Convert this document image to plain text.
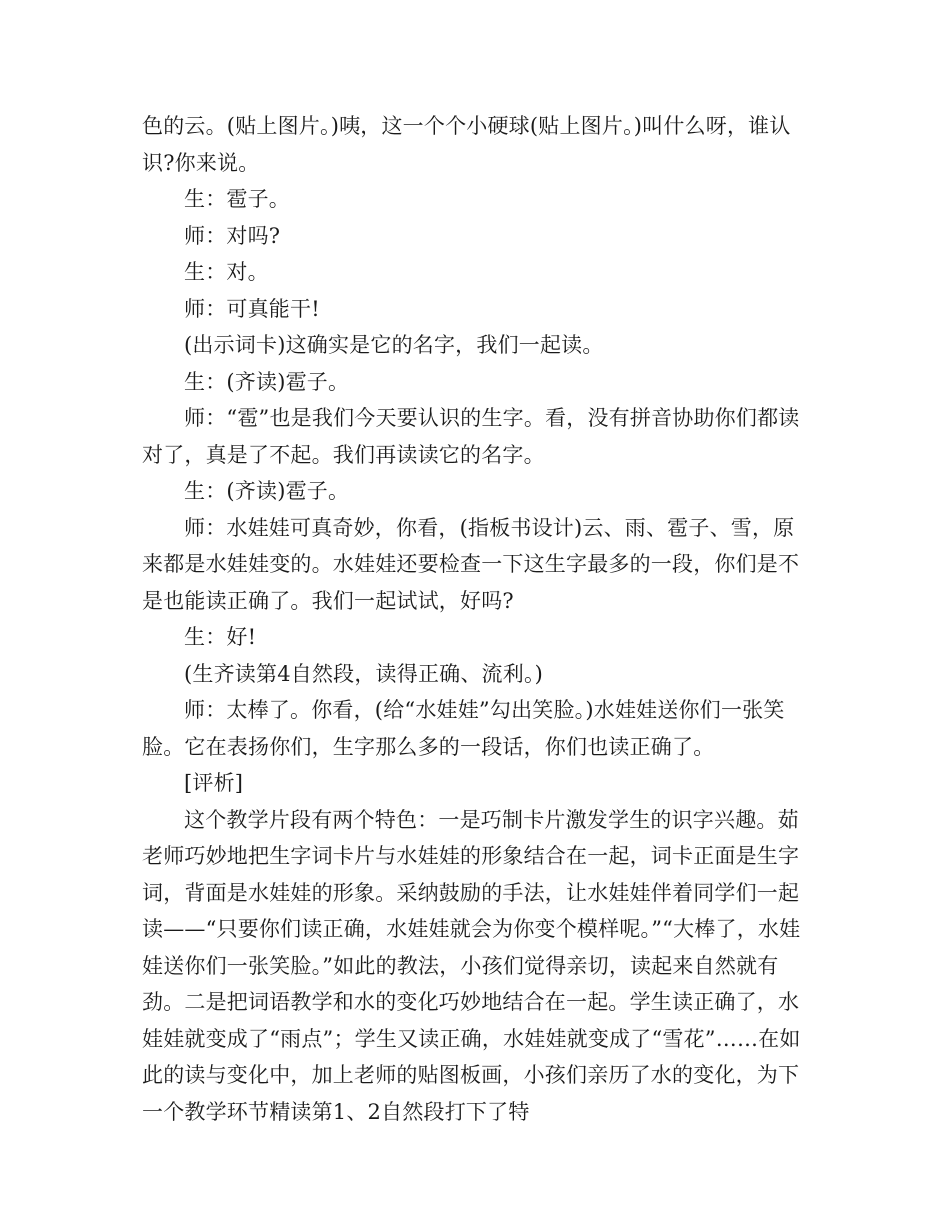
色的云。(贴上图片。)咦，这一个个小硬球(贴上图片。)叫什么呀，谁认识?你来说。

生：雹子。

师：对吗?

生：对。

师：可真能干!

(出示词卡)这确实是它的名字，我们一起读。

生：(齐读)雹子。

师：“雹”也是我们今天要认识的生字。看，没有拼音协助你们都读对了，真是了不起。我们再读读它的名字。

生：(齐读)雹子。

师：水娃娃可真奇妙，你看，(指板书设计)云、雨、雹子、雪，原来都是水娃娃变的。水娃娃还要检查一下这生字最多的一段，你们是不是也能读正确了。我们一起试试，好吗?

生：好!

(生齐读第4自然段，读得正确、流利。)

师：太棒了。你看，(给“水娃娃”勾出笑脸。)水娃娃送你们一张笑脸。它在表扬你们，生字那么多的一段话，你们也读正确了。

[评析]

这个教学片段有两个特色：一是巧制卡片激发学生的识字兴趣。茹老师巧妙地把生字词卡片与水娃娃的形象结合在一起，词卡正面是生字词，背面是水娃娃的形象。采纳鼓励的手法，让水娃娃伴着同学们一起读——“只要你们读正确，水娃娃就会为你变个模样呢。”“大棒了，水娃娃送你们一张笑脸。”如此的教法，小孩们觉得亲切，读起来自然就有劲。二是把词语教学和水的变化巧妙地结合在一起。学生读正确了，水娃娃就变成了“雨点”；学生又读正确，水娃娃就变成了“雪花”……在如此的读与变化中，加上老师的贴图板画，小孩们亲历了水的变化，为下一个教学环节精读第1、2自然段打下了特
